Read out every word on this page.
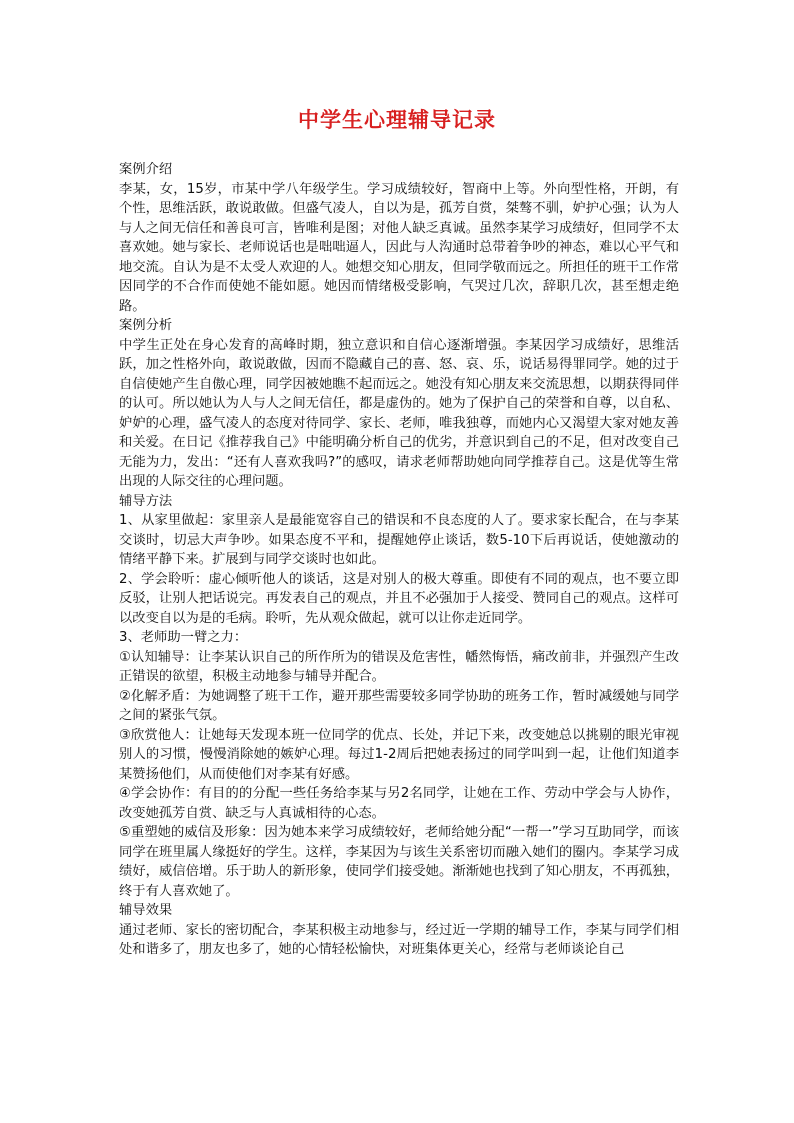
中学生心理辅导记录

案例介绍

李某，女，15岁，市某中学八年级学生。学习成绩较好，智商中上等。外向型性格，开朗，有个性，思维活跃，敢说敢做。但盛气凌人，自以为是，孤芳自赏，桀骜不驯，妒护心强；认为人与人之间无信任和善良可言，皆唯利是图；对他人缺乏真诚。虽然李某学习成绩好，但同学不太喜欢她。她与家长、老师说话也是咄咄逼人，因此与人沟通时总带着争吵的神态，难以心平气和地交流。自认为是不太受人欢迎的人。她想交知心朋友，但同学敬而远之。所担任的班干工作常因同学的不合作而使她不能如愿。她因而情绪极受影响，气哭过几次，辞职几次，甚至想走绝路。

案例分析

中学生正处在身心发育的高峰时期，独立意识和自信心逐渐增强。李某因学习成绩好，思维活跃，加之性格外向，敢说敢做，因而不隐藏自己的喜、怒、哀、乐，说话易得罪同学。她的过于自信使她产生自傲心理，同学因被她瞧不起而远之。她没有知心朋友来交流思想，以期获得同伴的认可。所以她认为人与人之间无信任，都是虚伪的。她为了保护自己的荣誉和自尊，以自私、妒妒的心理，盛气凌人的态度对待同学、家长、老师，唯我独尊，而她内心又渴望大家对她友善和关爱。在日记《推荐我自己》中能明确分析自己的优劣，并意识到自己的不足，但对改变自己无能为力，发出：“还有人喜欢我吗?”的感叹，请求老师帮助她向同学推荐自己。这是优等生常出现的人际交往的心理问题。

辅导方法

1、从家里做起：家里亲人是最能宽容自己的错误和不良态度的人了。要求家长配合，在与李某交谈时，切忌大声争吵。如果态度不平和，提醒她停止谈话，数5-10下后再说话，使她激动的情绪平静下来。扩展到与同学交谈时也如此。

2、学会聆听：虚心倾听他人的谈话，这是对别人的极大尊重。即使有不同的观点，也不要立即反驳，让别人把话说完。再发表自己的观点，并且不必强加于人接受、赞同自己的观点。这样可以改变自以为是的毛病。聆听，先从观众做起，就可以让你走近同学。

3、老师助一臂之力：

①认知辅导：让李某认识自己的所作所为的错误及危害性，幡然悔悟，痛改前非，并强烈产生改正错误的欲望，积极主动地参与辅导并配合。

②化解矛盾：为她调整了班干工作，避开那些需要较多同学协助的班务工作，暂时减缓她与同学之间的紧张气氛。

③欣赏他人：让她每天发现本班一位同学的优点、长处，并记下来，改变她总以挑剔的眼光审视别人的习惯，慢慢消除她的嫉妒心理。每过1-2周后把她表扬过的同学叫到一起，让他们知道李某赞扬他们，从而使他们对李某有好感。

④学会协作：有目的的分配一些任务给李某与另2名同学，让她在工作、劳动中学会与人协作，改变她孤芳自赏、缺乏与人真诚相待的心态。

⑤重塑她的威信及形象：因为她本来学习成绩较好，老师给她分配“一帮一”学习互助同学，而该同学在班里属人缘挺好的学生。这样，李某因为与该生关系密切而融入她们的圈内。李某学习成绩好，威信倍增。乐于助人的新形象，使同学们接受她。渐渐她也找到了知心朋友，不再孤独，终于有人喜欢她了。

辅导效果

通过老师、家长的密切配合，李某积极主动地参与，经过近一学期的辅导工作，李某与同学们相处和谐多了，朋友也多了，她的心情轻松愉快，对班集体更关心，经常与老师谈论自己
